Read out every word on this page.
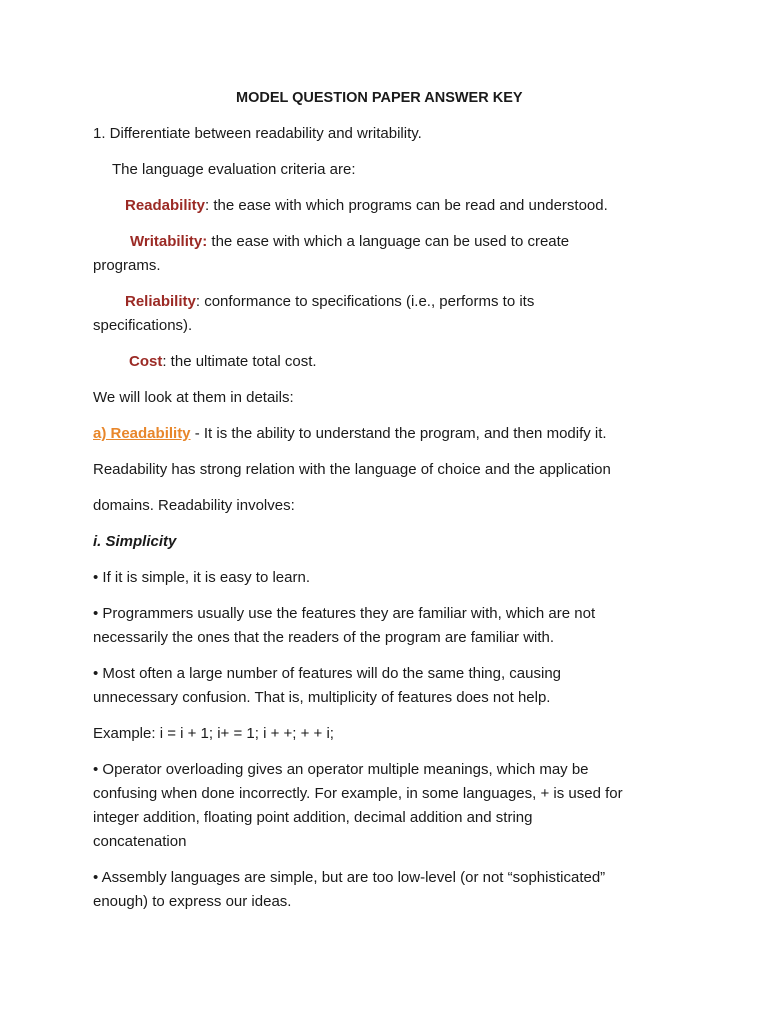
MODEL QUESTION PAPER ANSWER KEY
1. Differentiate between readability and writability.
The language evaluation criteria are:
Readability: the ease with which programs can be read and understood.
Writability: the ease with which a language can be used to create
programs.
Reliability: conformance to specifications (i.e., performs to its
specifications).
Cost: the ultimate total cost.
We will look at them in details:
a) Readability - It is the ability to understand the program, and then modify it.
Readability has strong relation with the language of choice and the application
domains. Readability involves:
i. Simplicity
• If it is simple, it is easy to learn.
• Programmers usually use the features they are familiar with, which are not
necessarily the ones that the readers of the program are familiar with.
• Most often a large number of features will do the same thing, causing
unnecessary confusion. That is, multiplicity of features does not help.
Example: i = i + 1; i+ = 1; i + +; + + i;
• Operator overloading gives an operator multiple meanings, which may be
confusing when done incorrectly. For example, in some languages, + is used for
integer addition, floating point addition, decimal addition and string
concatenation
• Assembly languages are simple, but are too low-level (or not “sophisticated”
enough) to express our ideas.
